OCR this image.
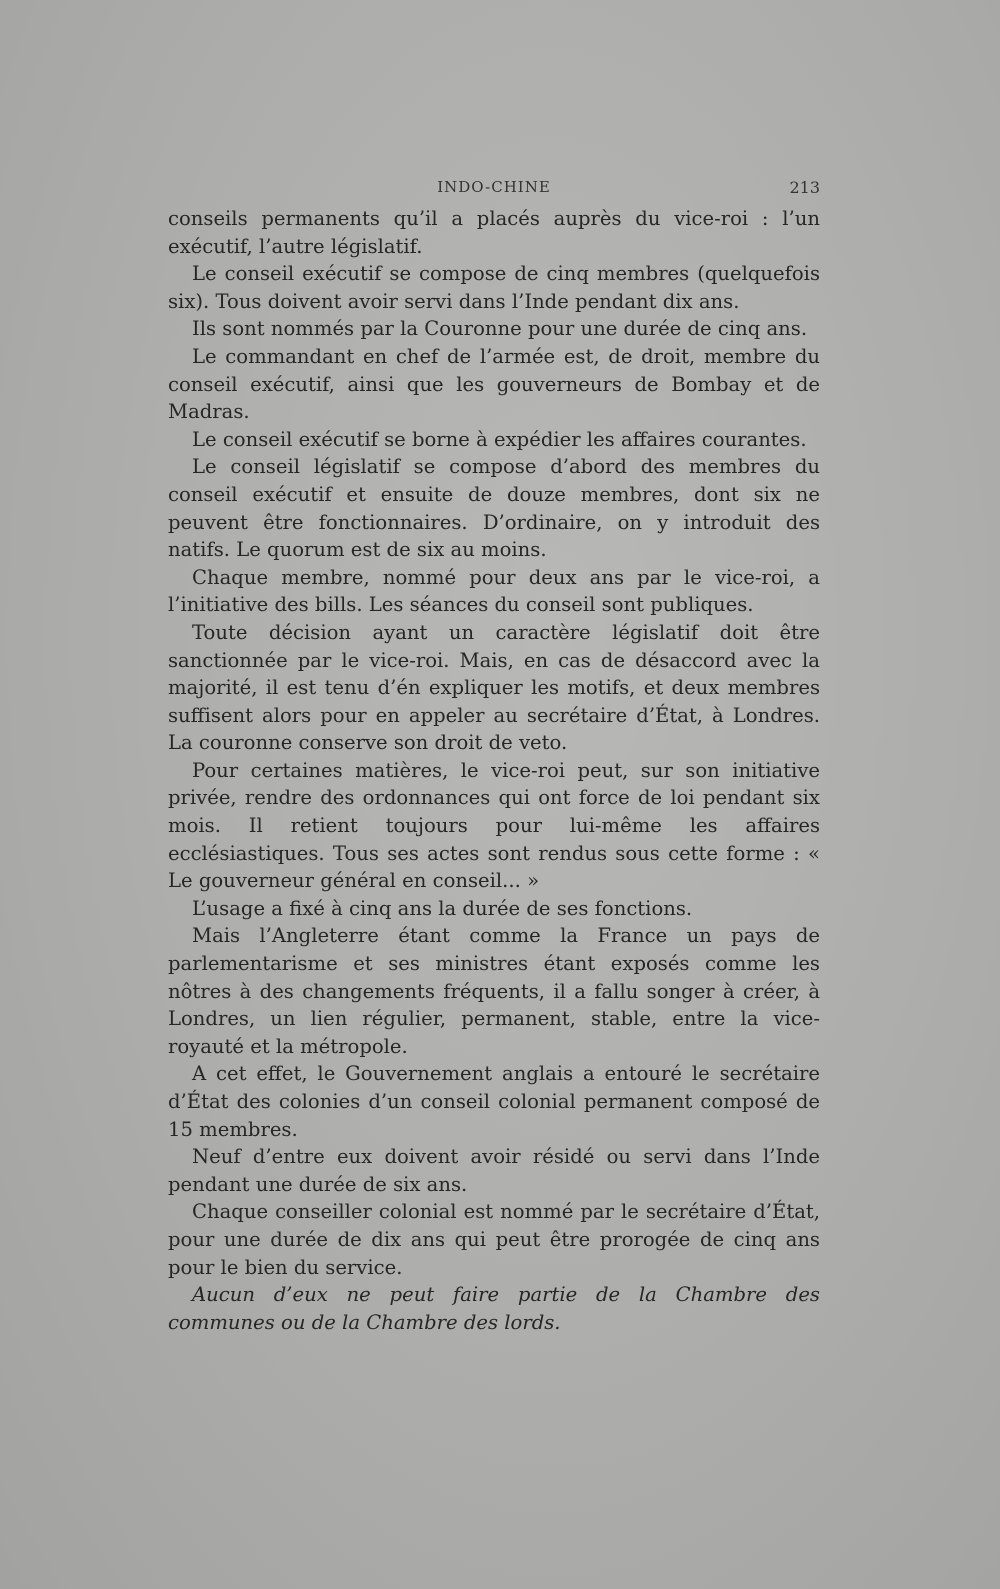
INDO-CHINE	213

conseils permanents qu’il a placés auprès du vice-roi : l’un exécutif, l’autre législatif.

Le conseil exécutif se compose de cinq membres (quelquefois six). Tous doivent avoir servi dans l’Inde pendant dix ans.

Ils sont nommés par la Couronne pour une durée de cinq ans.

Le commandant en chef de l’armée est, de droit, membre du conseil exécutif, ainsi que les gouverneurs de Bombay et de Madras.

Le conseil exécutif se borne à expédier les affaires courantes.

Le conseil législatif se compose d’abord des membres du conseil exécutif et ensuite de douze membres, dont six ne peuvent être fonctionnaires. D’ordinaire, on y introduit des natifs. Le quorum est de six au moins.

Chaque membre, nommé pour deux ans par le vice-roi, a l’initiative des bills. Les séances du conseil sont publiques.

Toute décision ayant un caractère législatif doit être sanctionnée par le vice-roi. Mais, en cas de désaccord avec la majorité, il est tenu d’én expliquer les motifs, et deux membres suffisent alors pour en appeler au secrétaire d’État, à Londres. La couronne conserve son droit de veto.

Pour certaines matières, le vice-roi peut, sur son initiative privée, rendre des ordonnances qui ont force de loi pendant six mois. Il retient toujours pour lui-même les affaires ecclésiastiques. Tous ses actes sont rendus sous cette forme : « Le gouverneur général en conseil... »

L’usage a fixé à cinq ans la durée de ses fonctions.

Mais l’Angleterre étant comme la France un pays de parlementarisme et ses ministres étant exposés comme les nôtres à des changements fréquents, il a fallu songer à créer, à Londres, un lien régulier, permanent, stable, entre la vice-royauté et la métropole.

A cet effet, le Gouvernement anglais a entouré le secrétaire d’État des colonies d’un conseil colonial permanent composé de 15 membres.

Neuf d’entre eux doivent avoir résidé ou servi dans l’Inde pendant une durée de six ans.

Chaque conseiller colonial est nommé par le secrétaire d’État, pour une durée de dix ans qui peut être prorogée de cinq ans pour le bien du service.

Aucun d’eux ne peut faire partie de la Chambre des communes ou de la Chambre des lords.
